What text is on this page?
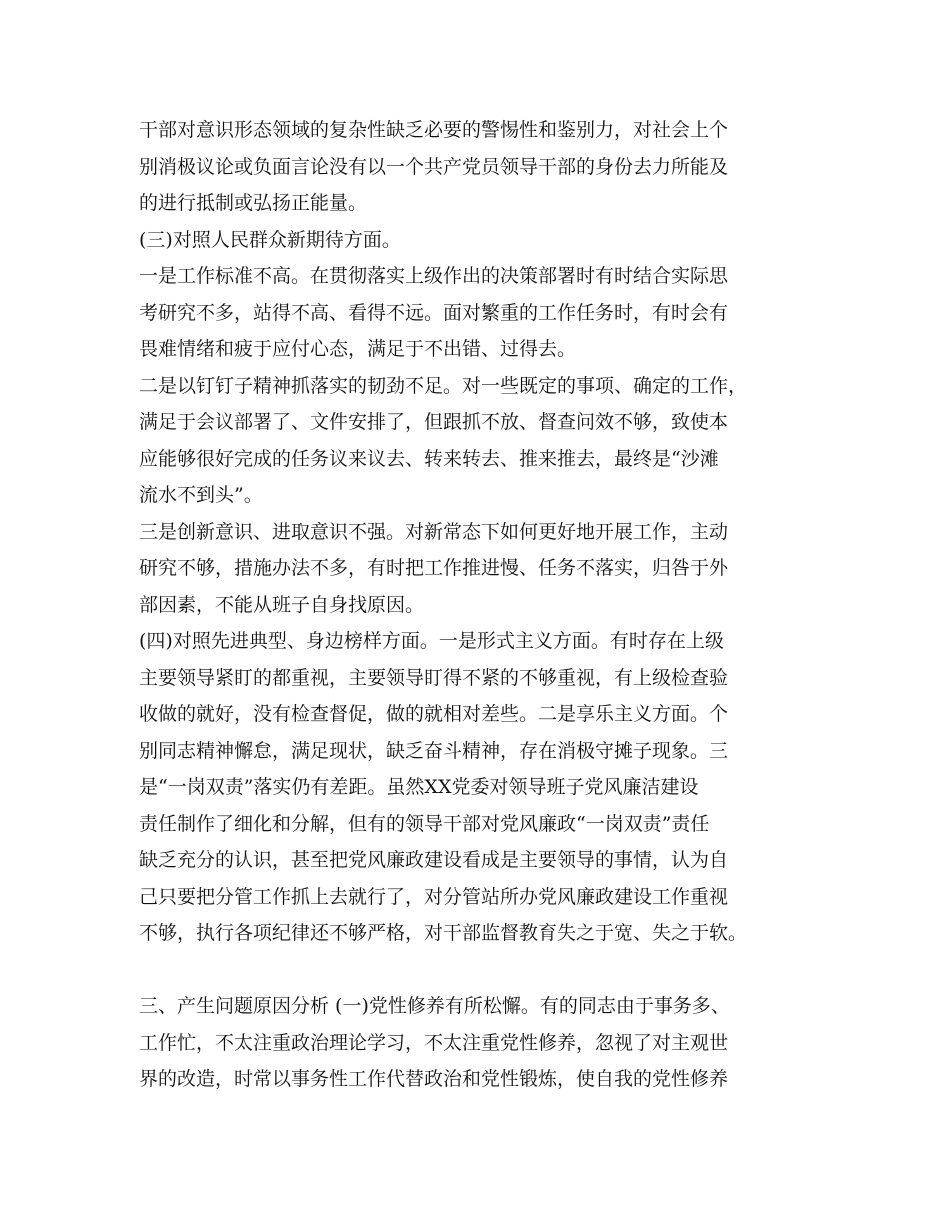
干部对意识形态领域的复杂性缺乏必要的警惕性和鉴别力，对社会上个
别消极议论或负面言论没有以一个共产党员领导干部的身份去力所能及
的进行抵制或弘扬正能量。
(三)对照人民群众新期待方面。
一是工作标准不高。在贯彻落实上级作出的决策部署时有时结合实际思
考研究不多，站得不高、看得不远。面对繁重的工作任务时，有时会有
畏难情绪和疲于应付心态，满足于不出错、过得去。
二是以钉钉子精神抓落实的韧劲不足。对一些既定的事项、确定的工作，
满足于会议部署了、文件安排了，但跟抓不放、督查问效不够，致使本
应能够很好完成的任务议来议去、转来转去、推来推去，最终是“沙滩
流水不到头”。
三是创新意识、进取意识不强。对新常态下如何更好地开展工作，主动
研究不够，措施办法不多，有时把工作推进慢、任务不落实，归咎于外
部因素，不能从班子自身找原因。
(四)对照先进典型、身边榜样方面。一是形式主义方面。有时存在上级
主要领导紧盯的都重视，主要领导盯得不紧的不够重视，有上级检查验
收做的就好，没有检查督促，做的就相对差些。二是享乐主义方面。个
别同志精神懈怠，满足现状，缺乏奋斗精神，存在消极守摊子现象。三
是“一岗双责”落实仍有差距。虽然XX党委对领导班子党风廉洁建设
责任制作了细化和分解，但有的领导干部对党风廉政“一岗双责”责任
缺乏充分的认识，甚至把党风廉政建设看成是主要领导的事情，认为自
己只要把分管工作抓上去就行了，对分管站所办党风廉政建设工作重视
不够，执行各项纪律还不够严格，对干部监督教育失之于宽、失之于软。
三、产生问题原因分析 (一)党性修养有所松懈。有的同志由于事务多、
工作忙，不太注重政治理论学习，不太注重党性修养，忽视了对主观世
界的改造，时常以事务性工作代替政治和党性锻炼，使自我的党性修养
